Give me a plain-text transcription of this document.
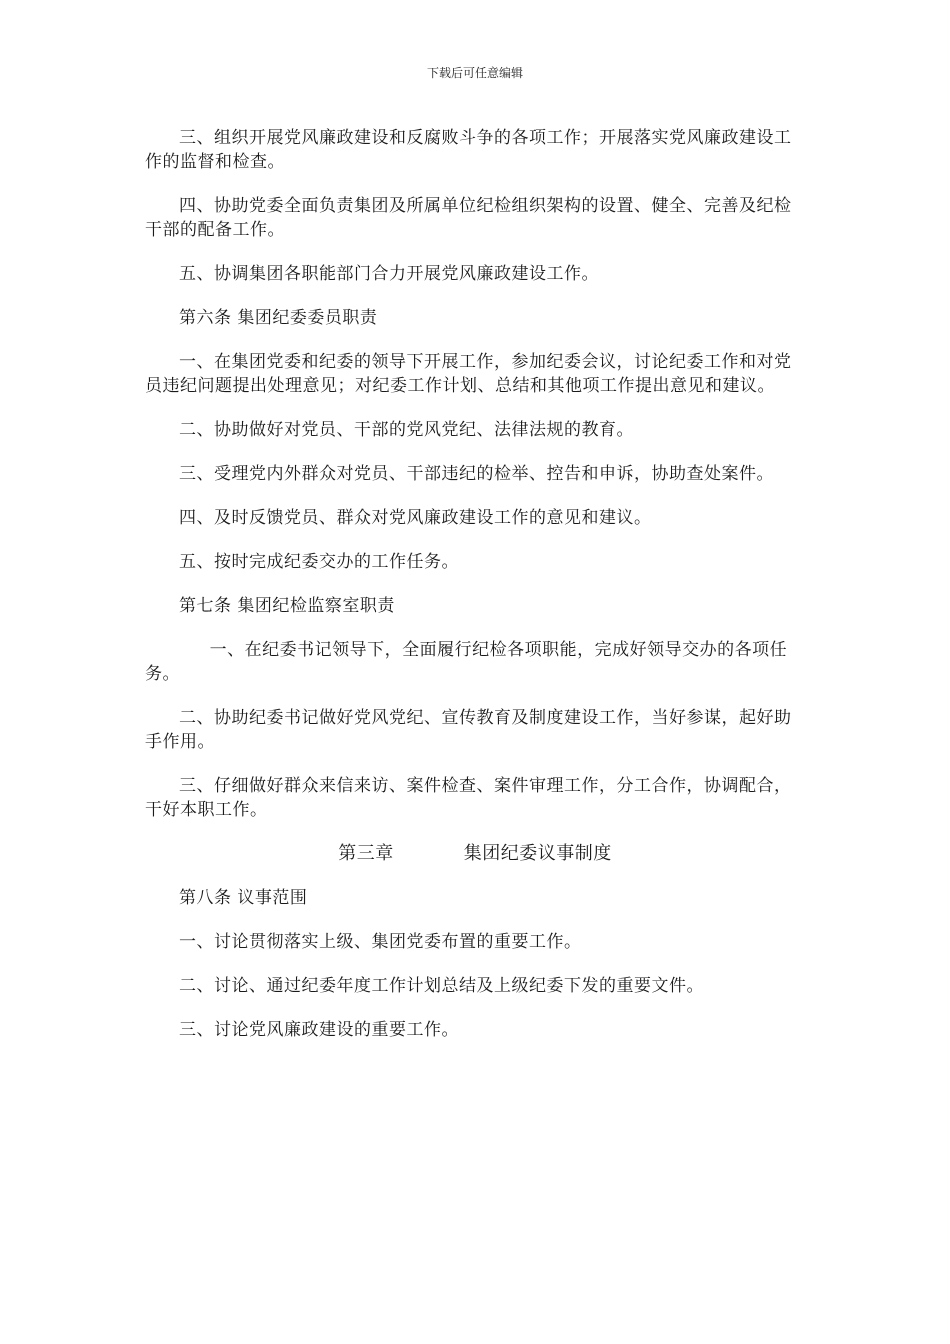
下载后可任意编辑

三、组织开展党风廉政建设和反腐败斗争的各项工作；开展落实党风廉政建设工作的监督和检查。

四、协助党委全面负责集团及所属单位纪检组织架构的设置、健全、完善及纪检干部的配备工作。

五、协调集团各职能部门合力开展党风廉政建设工作。

第六条 集团纪委委员职责

一、在集团党委和纪委的领导下开展工作，参加纪委会议，讨论纪委工作和对党员违纪问题提出处理意见；对纪委工作计划、总结和其他项工作提出意见和建议。

二、协助做好对党员、干部的党风党纪、法律法规的教育。

三、受理党内外群众对党员、干部违纪的检举、控告和申诉，协助查处案件。

四、及时反馈党员、群众对党风廉政建设工作的意见和建议。

五、按时完成纪委交办的工作任务。

第七条 集团纪检监察室职责

一、在纪委书记领导下，全面履行纪检各项职能，完成好领导交办的各项任务。

二、协助纪委书记做好党风党纪、宣传教育及制度建设工作，当好参谋，起好助手作用。

三、仔细做好群众来信来访、案件检查、案件审理工作，分工合作，协调配合，干好本职工作。

第三章	集团纪委议事制度

第八条 议事范围

一、讨论贯彻落实上级、集团党委布置的重要工作。

二、讨论、通过纪委年度工作计划总结及上级纪委下发的重要文件。

三、讨论党风廉政建设的重要工作。
